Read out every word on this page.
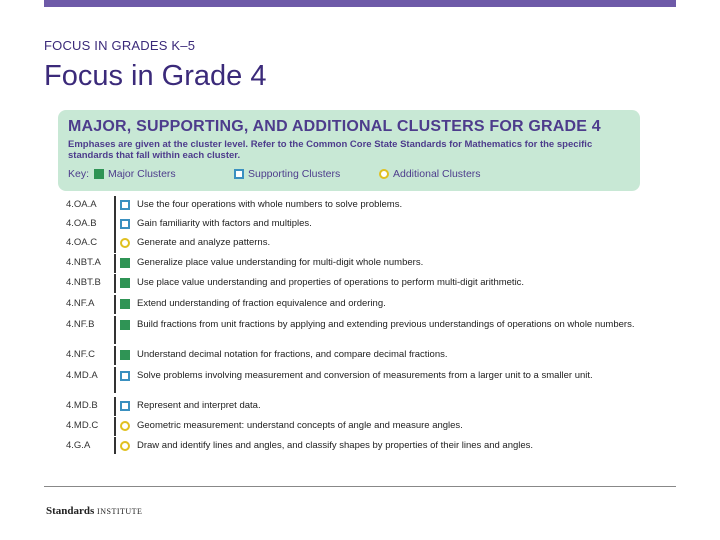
FOCUS IN GRADES K–5
Focus in Grade 4
MAJOR, SUPPORTING, AND ADDITIONAL CLUSTERS FOR GRADE 4
Emphases are given at the cluster level. Refer to the Common Core State Standards for Mathematics for the specific standards that fall within each cluster.
Key: Major Clusters	Supporting Clusters	Additional Clusters
4.OA.A	Use the four operations with whole numbers to solve problems.
4.OA.B	Gain familiarity with factors and multiples.
4.OA.C	Generate and analyze patterns.
4.NBT.A	Generalize place value understanding for multi-digit whole numbers.
4.NBT.B	Use place value understanding and properties of operations to perform multi-digit arithmetic.
4.NF.A	Extend understanding of fraction equivalence and ordering.
4.NF.B	Build fractions from unit fractions by applying and extending previous understandings of operations on whole numbers.
4.NF.C	Understand decimal notation for fractions, and compare decimal fractions.
4.MD.A	Solve problems involving measurement and conversion of measurements from a larger unit to a smaller unit.
4.MD.B	Represent and interpret data.
4.MD.C	Geometric measurement: understand concepts of angle and measure angles.
4.G.A	Draw and identify lines and angles, and classify shapes by properties of their lines and angles.
Standards INSTITUTE
